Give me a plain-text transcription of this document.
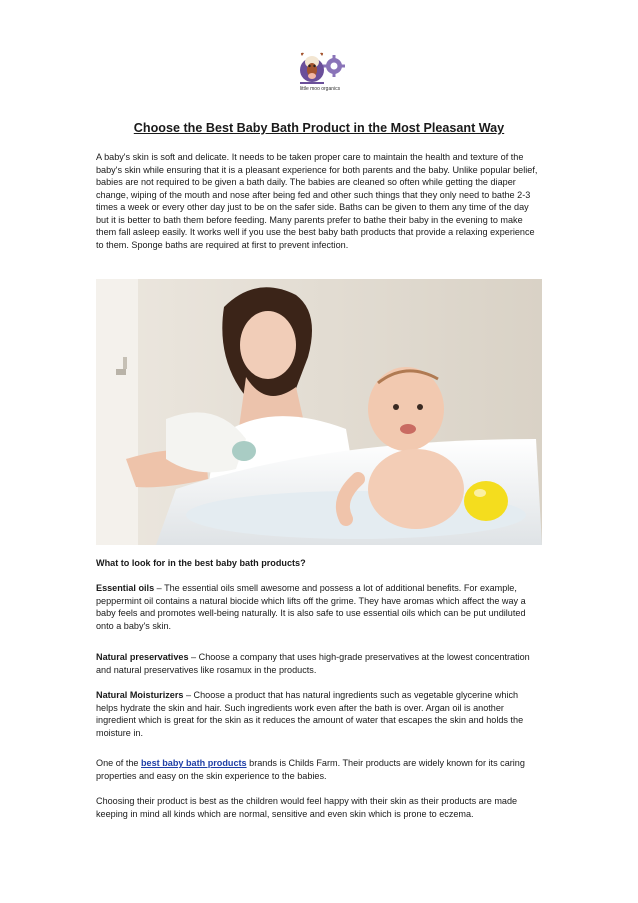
little moo organics
Choose the Best Baby Bath Product in the Most Pleasant Way

A baby's skin is soft and delicate. It needs to be taken proper care to maintain the health and texture of the baby's skin while ensuring that it is a pleasant experience for both parents and the baby. Unlike popular belief, babies are not required to be given a bath daily. The babies are cleaned so often while getting the diaper change, wiping of the mouth and nose after being fed and other such things that they only need to bathe 2-3 times a week or every other day just to be on the safer side. Baths can be given to them any time of the day but it is better to bath them before feeding. Many parents prefer to bathe their baby in the evening to make them fall asleep easily. It works well if you use the best baby bath products that provide a relaxing experience to them. Sponge baths are required at first to prevent infection.

What to look for in the best baby bath products?

Essential oils – The essential oils smell awesome and possess a lot of additional benefits. For example, peppermint oil contains a natural biocide which lifts off the grime. They have aromas which affect the way a baby feels and promotes well-being naturally. It is also safe to use essential oils which can be put undiluted onto a baby's skin.

Natural preservatives – Choose a company that uses high-grade preservatives at the lowest concentration and natural preservatives like rosamux in the products.

Natural Moisturizers – Choose a product that has natural ingredients such as vegetable glycerine which helps hydrate the skin and hair. Such ingredients work even after the bath is over. Argan oil is another ingredient which is great for the skin as it reduces the amount of water that escapes the skin and holds the moisture in.

One of the best baby bath products brands is Childs Farm. Their products are widely known for its caring properties and easy on the skin experience to the babies.

Choosing their product is best as the children would feel happy with their skin as their products are made keeping in mind all kinds which are normal, sensitive and even skin which is prone to eczema.
